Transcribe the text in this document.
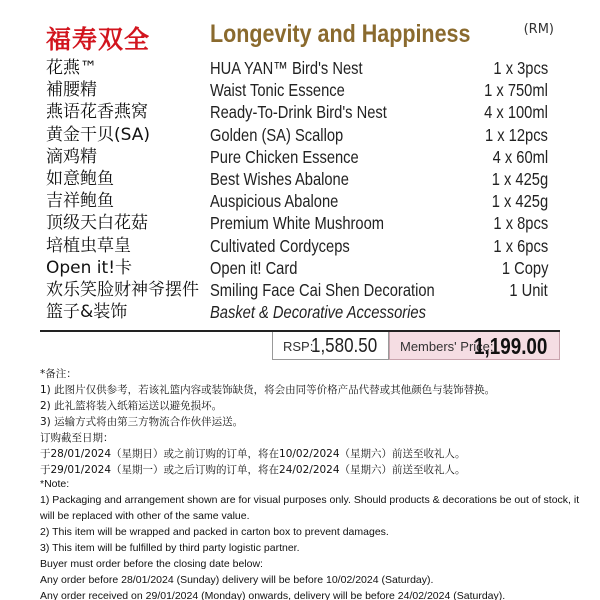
福寿双全 Longevity and Happiness	(RM)
花燕™	HUA YAN™ Bird's Nest	1 x 3pcs
補腰精	Waist Tonic Essence	1 x 750ml
燕语花香燕窝	Ready-To-Drink Bird's Nest	4 x 100ml
黄金干贝(SA)	Golden (SA) Scallop	1 x 12pcs
滴鸡精	Pure Chicken Essence	4 x 60ml
如意鲍鱼	Best Wishes Abalone	1 x 425g
吉祥鲍鱼	Auspicious Abalone	1 x 425g
顶级天白花菇	Premium White Mushroom	1 x 8pcs
培植虫草皇	Cultivated Cordyceps	1 x 6pcs
Open it!卡	Open it! Card	1 Copy
欢乐笑脸财神爷摆件 Smiling Face Cai Shen Decoration	1 Unit
篮子&装饰	Basket & Decorative Accessories
RSP:
1,580.50 Members' Price:
1,199.00
*备注：
1) 此图片仅供参考，若该礼篮内容或装饰缺货，将会由同等价格产品代替或其他颜色与装饰替换。
2) 此礼篮将装入纸箱运送以避免损坏。
3) 运输方式将由第三方物流合作伙伴运送。
订购截至日期：
于28/01/2024（星期日）或之前订购的订单，将在10/02/2024（星期六）前送至收礼人。
于29/01/2024（星期一）或之后订购的订单，将在24/02/2024（星期六）前送至收礼人。
*Note:
1) Packaging and arrangement shown are for visual purposes only. Should products & decorations be out of stock, it will be replaced with other of the same value.
2) This item will be wrapped and packed in carton box to prevent damages.
3) This item will be fulfilled by third party logistic partner.
Buyer must order before the closing date below:
Any order before 28/01/2024 (Sunday) delivery will be before 10/02/2024 (Saturday).
Any order received on 29/01/2024 (Monday) onwards, delivery will be before 24/02/2024 (Saturday).
